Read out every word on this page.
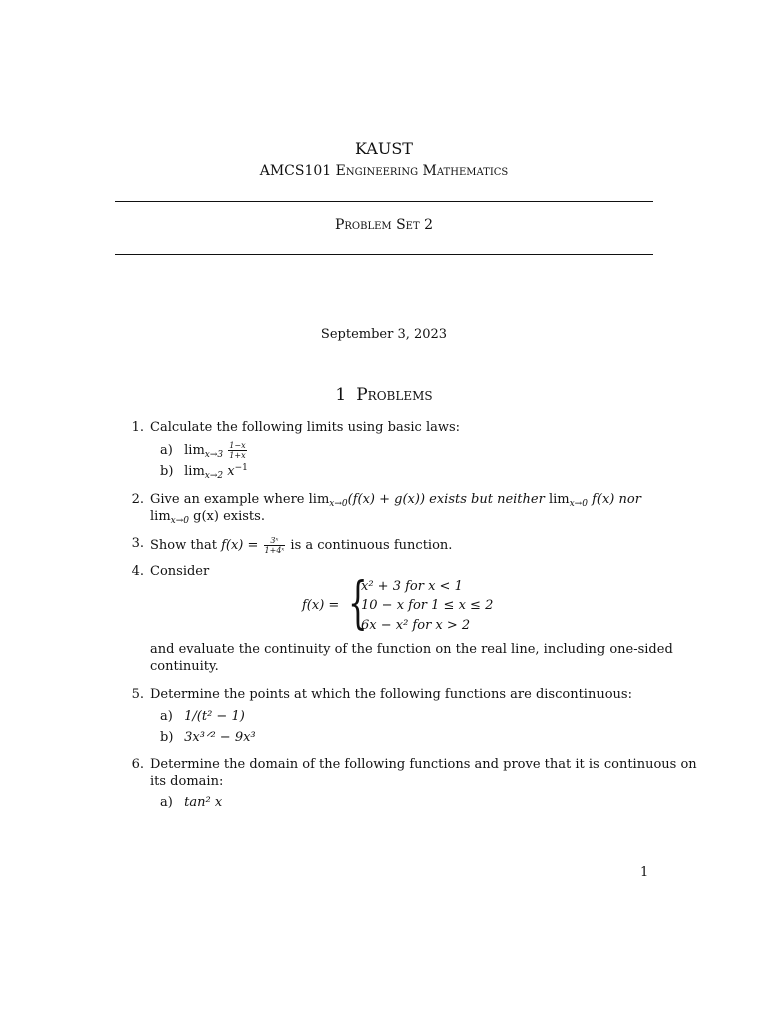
KAUST
AMCS101 Engineering Mathematics
Problem Set 2
September 3, 2023
1 Problems
1. Calculate the following limits using basic laws:
a) $\lim_{x\to 3} \frac{1-x}{1+x}$
b) $\lim_{x\to 2} x^{-1}$
2. Give an example where $\lim_{x\to 0}(f(x) + g(x))$ exists but neither $\lim_{x\to 0} f(x)$ nor
$\lim_{x\to 0} g(x)$ exists.
3. Show that $f(x) = \frac{\text{3ˣ}}{\text{1+4ˣ}}$ is a continuous function.
4. Consider
f(x) = {
x² + 3 for x < 1
10 − x for 1 ≤ x ≤ 2
6x − x² for x > 2
and evaluate the continuity of the function on the real line, including one-sided
continuity.
5. Determine the points at which the following functions are discontinuous:
a) 1/(t² − 1)
b) 3x³ᐟ² − 9x³
6. Determine the domain of the following functions and prove that it is continuous on
its domain:
a) tan² x
1
